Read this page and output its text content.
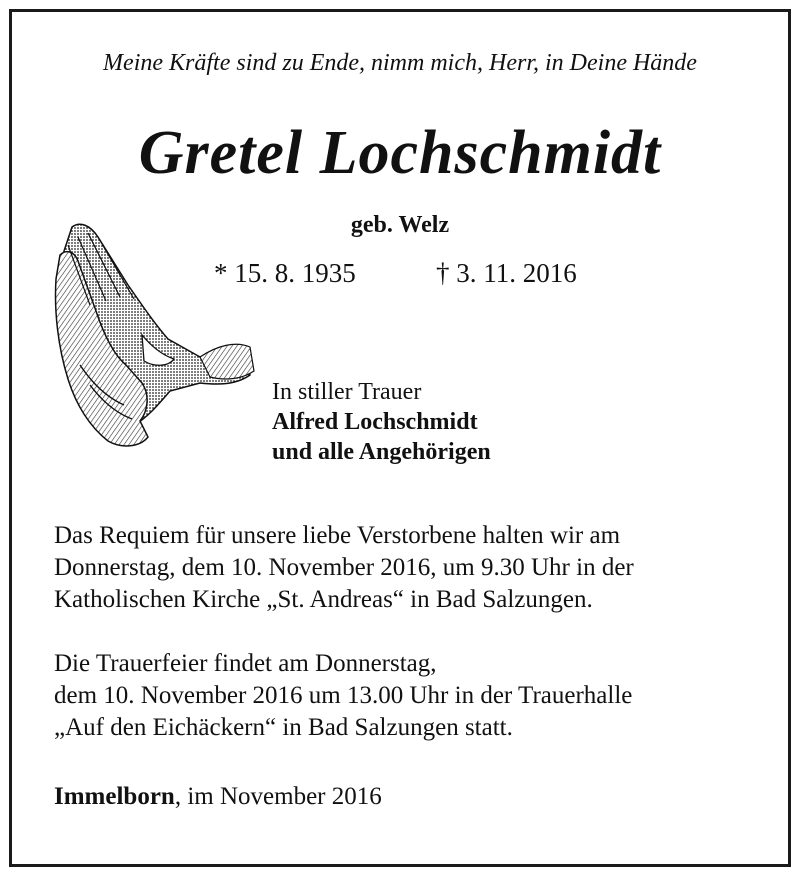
Meine Kräfte sind zu Ende, nimm mich, Herr, in Deine Hände
Gretel Lochschmidt
geb. Welz
* 15. 8. 1935	† 3. 11. 2016
In stiller Trauer
Alfred Lochschmidt
und alle Angehörigen
Das Requiem für unsere liebe Verstorbene halten wir am
Donnerstag, dem 10. November 2016, um 9.30 Uhr in der
Katholischen Kirche „St. Andreas“ in Bad Salzungen.
Die Trauerfeier findet am Donnerstag,
dem 10. November 2016 um 13.00 Uhr in der Trauerhalle
„Auf den Eichäckern“ in Bad Salzungen statt.
Immelborn, im November 2016
